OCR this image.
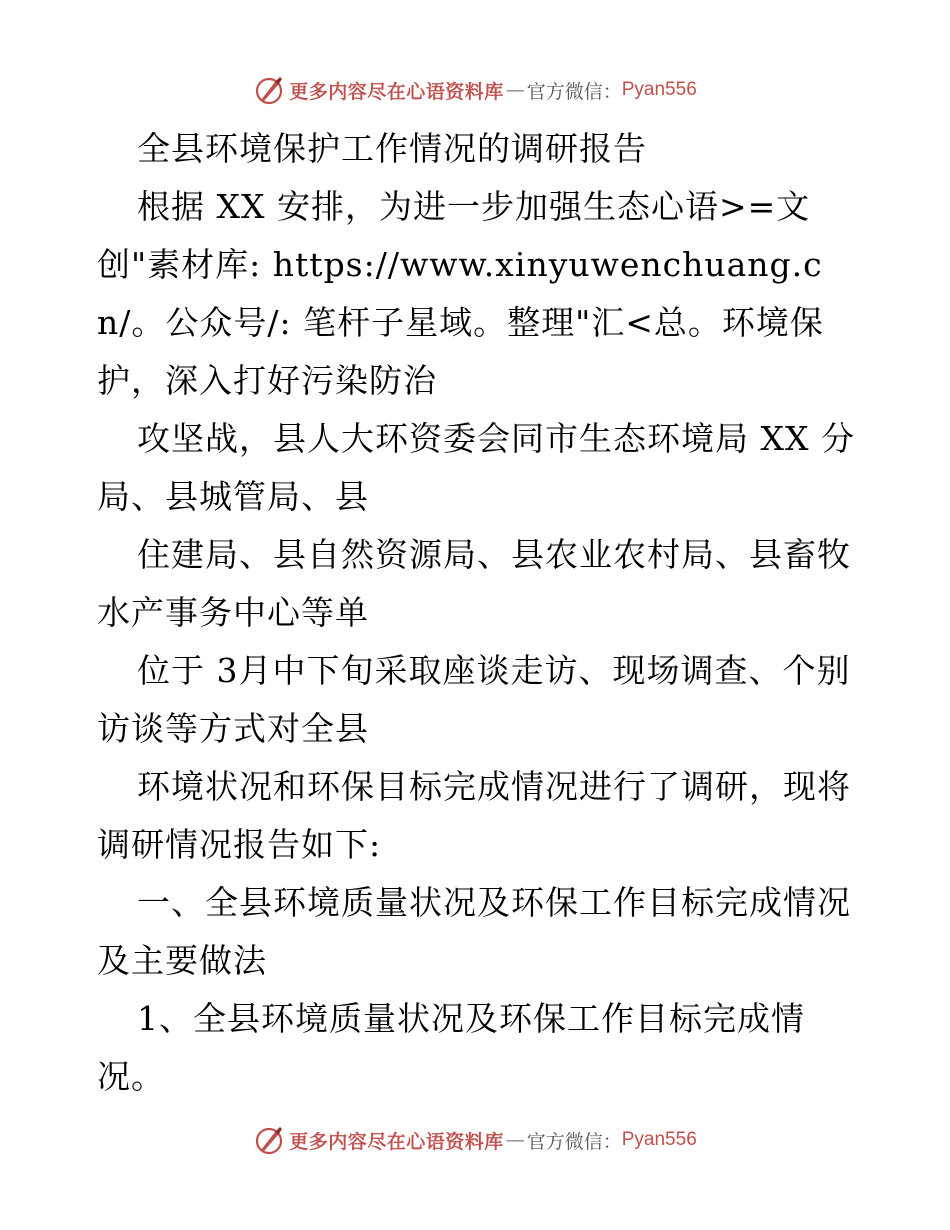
更多内容尽在心语资料库 — 官方微信： Pyan556

全县环境保护工作情况的调研报告

根据 XX 安排，为进一步加强生态心语>=文创"素材库: https://www.xinyuwenchuang.cn/。公众号/: 笔杆子星域。整理"汇<总。环境保护，深入打好污染防治

攻坚战，县人大环资委会同市生态环境局 XX 分局、县城管局、县

住建局、县自然资源局、县农业农村局、县畜牧水产事务中心等单

位于 3月中下旬采取座谈走访、现场调查、个别访谈等方式对全县

环境状况和环保目标完成情况进行了调研，现将调研情况报告如下:

一、全县环境质量状况及环保工作目标完成情况及主要做法

1、全县环境质量状况及环保工作目标完成情况。

更多内容尽在心语资料库 — 官方微信： Pyan556
